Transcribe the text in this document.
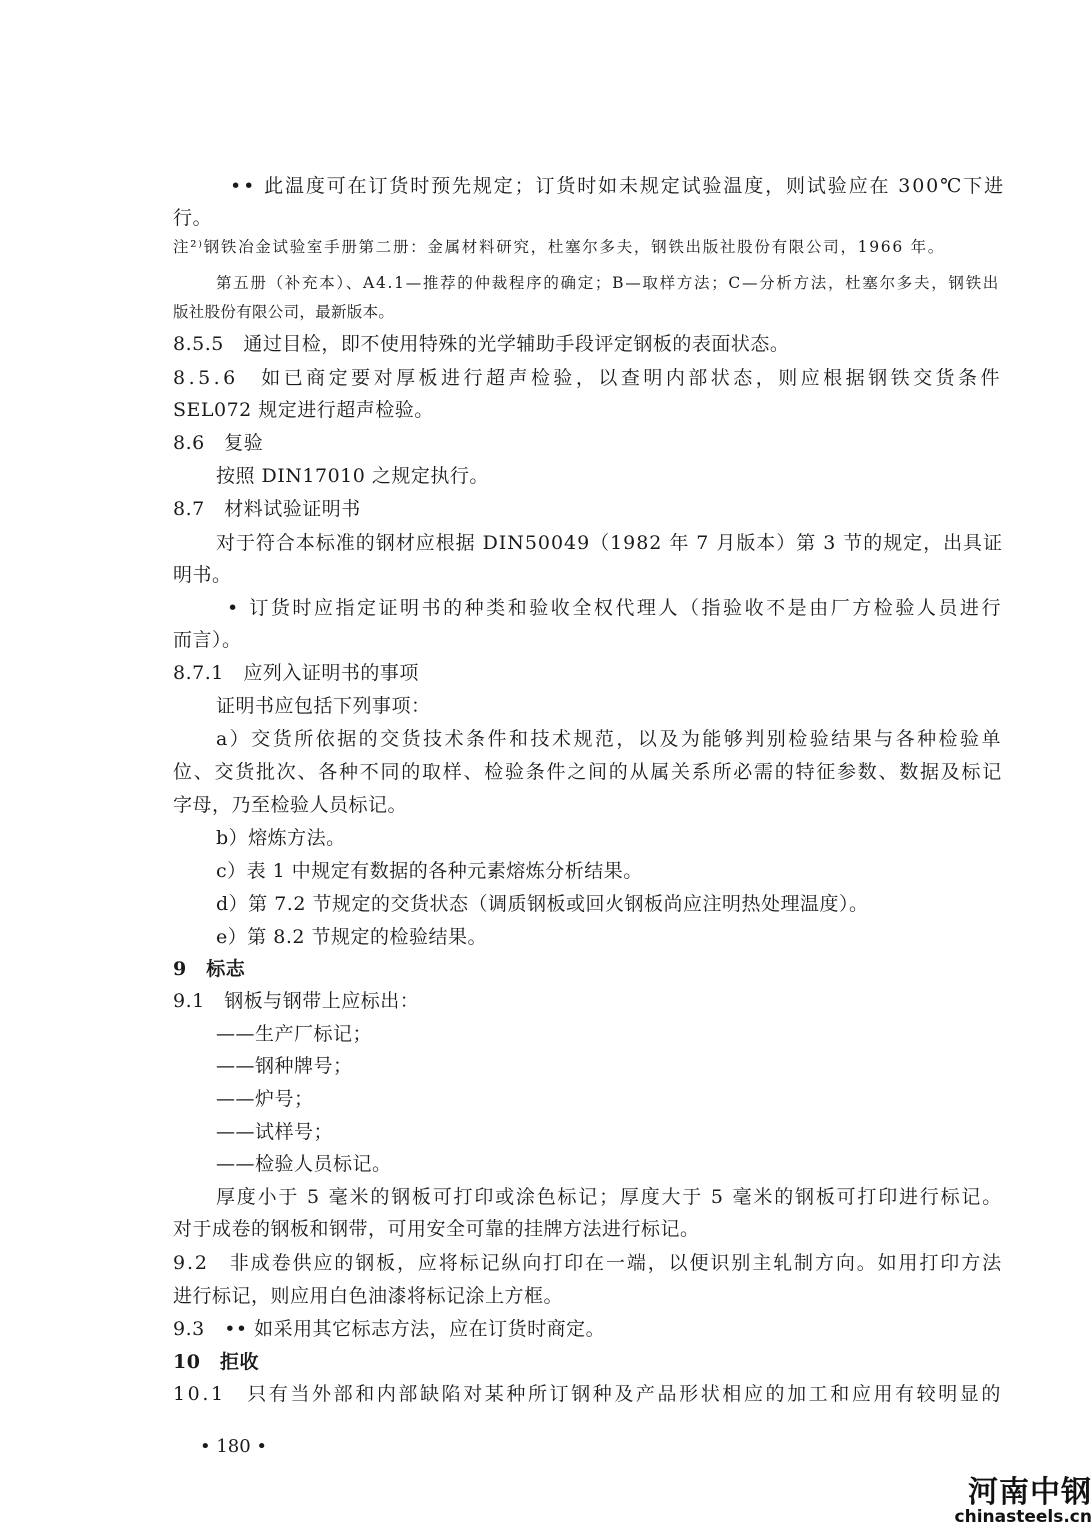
•• 此温度可在订货时预先规定；订货时如未规定试验温度，则试验应在 300℃下进
行。
注²⁾钢铁冶金试验室手册第二册：金属材料研究，杜塞尔多夫，钢铁出版社股份有限公司，1966 年。
第五册（补充本）、A4.1—推荐的仲裁程序的确定；B—取样方法；C—分析方法，杜塞尔多夫，钢铁出
版社股份有限公司，最新版本。
8.5.5　通过目检，即不使用特殊的光学辅助手段评定钢板的表面状态。
8.5.6　如已商定要对厚板进行超声检验，以查明内部状态，则应根据钢铁交货条件
SEL072 规定进行超声检验。
8.6　复验
按照 DIN17010 之规定执行。
8.7　材料试验证明书
对于符合本标准的钢材应根据 DIN50049（1982 年 7 月版本）第 3 节的规定，出具证
明书。
• 订货时应指定证明书的种类和验收全权代理人（指验收不是由厂方检验人员进行
而言）。
8.7.1　应列入证明书的事项
证明书应包括下列事项：
a）交货所依据的交货技术条件和技术规范，以及为能够判别检验结果与各种检验单
位、交货批次、各种不同的取样、检验条件之间的从属关系所必需的特征参数、数据及标记
字母，乃至检验人员标记。
b）熔炼方法。
c）表 1 中规定有数据的各种元素熔炼分析结果。
d）第 7.2 节规定的交货状态（调质钢板或回火钢板尚应注明热处理温度）。
e）第 8.2 节规定的检验结果。
9　标志
9.1　钢板与钢带上应标出：
——生产厂标记；
——钢种牌号；
——炉号；
——试样号；
——检验人员标记。
厚度小于 5 毫米的钢板可打印或涂色标记；厚度大于 5 毫米的钢板可打印进行标记。
对于成卷的钢板和钢带，可用安全可靠的挂牌方法进行标记。
9.2　非成卷供应的钢板，应将标记纵向打印在一端，以便识别主轧制方向。如用打印方法
进行标记，则应用白色油漆将标记涂上方框。
9.3　•• 如采用其它标志方法，应在订货时商定。
10　拒收
10.1　只有当外部和内部缺陷对某种所订钢种及产品形状相应的加工和应用有较明显的
• 180 •
河南中钢
chinasteels.cn
